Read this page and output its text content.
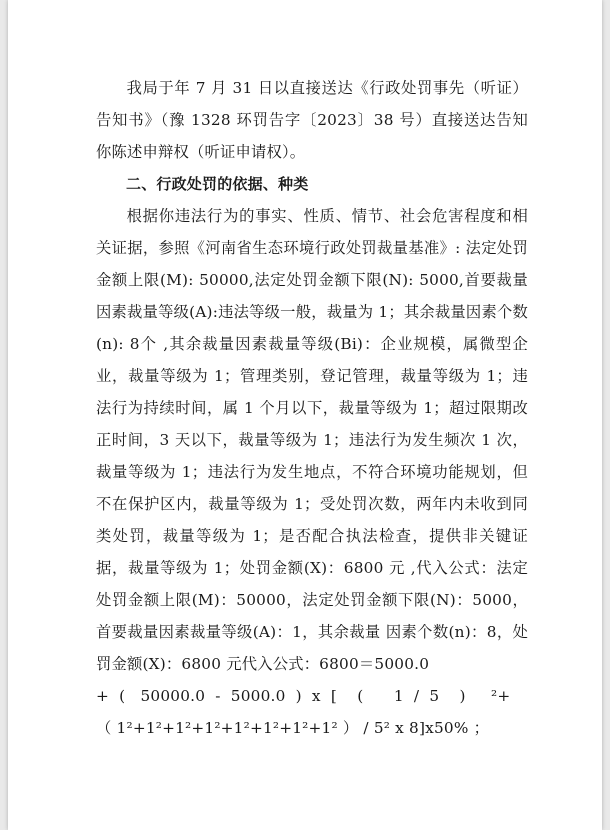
我局于年 7 月 31 日以直接送达《行政处罚事先（听证）告知书》（豫 1328 环罚告字〔2023〕38 号）直接送达告知你陈述申辩权（听证申请权）。

二、行政处罚的依据、种类

根据你违法行为的事实、性质、情节、社会危害程度和相关证据，参照《河南省生态环境行政处罚裁量基准》: 法定处罚金额上限(M): 50000,法定处罚金额下限(N): 5000,首要裁量因素裁量等级(A):违法等级一般，裁量为 1；其余裁量因素个数(n): 8个 ,其余裁量因素裁量等级(Bi)：企业规模，属微型企业，裁量等级为 1；管理类别，登记管理，裁量等级为 1；违法行为持续时间，属 1 个月以下，裁量等级为 1；超过限期改正时间，3 天以下，裁量等级为 1；违法行为发生频次 1 次，裁量等级为 1；违法行为发生地点，不符合环境功能规划，但不在保护区内，裁量等级为 1；受处罚次数，两年内未收到同类处罚，裁量等级为 1；是否配合执法检查，提供非关键证据，裁量等级为 1；处罚金额(X)：6800 元 ,代入公式：法定处罚金额上限(M)：50000，法定处罚金额下限(N)：5000，首要裁量因素裁量等级(A)：1，其余裁量 因素个数(n)：8，处罚金额(X)：6800 元代入公式：6800＝5000.0

+  (   50000.0  -  5000.0  )  x  [    (      1  /  5    )     ²+

（ 1²+1²+1²+1²+1²+1²+1²+1² ） / 5² x 8]x50% ；
